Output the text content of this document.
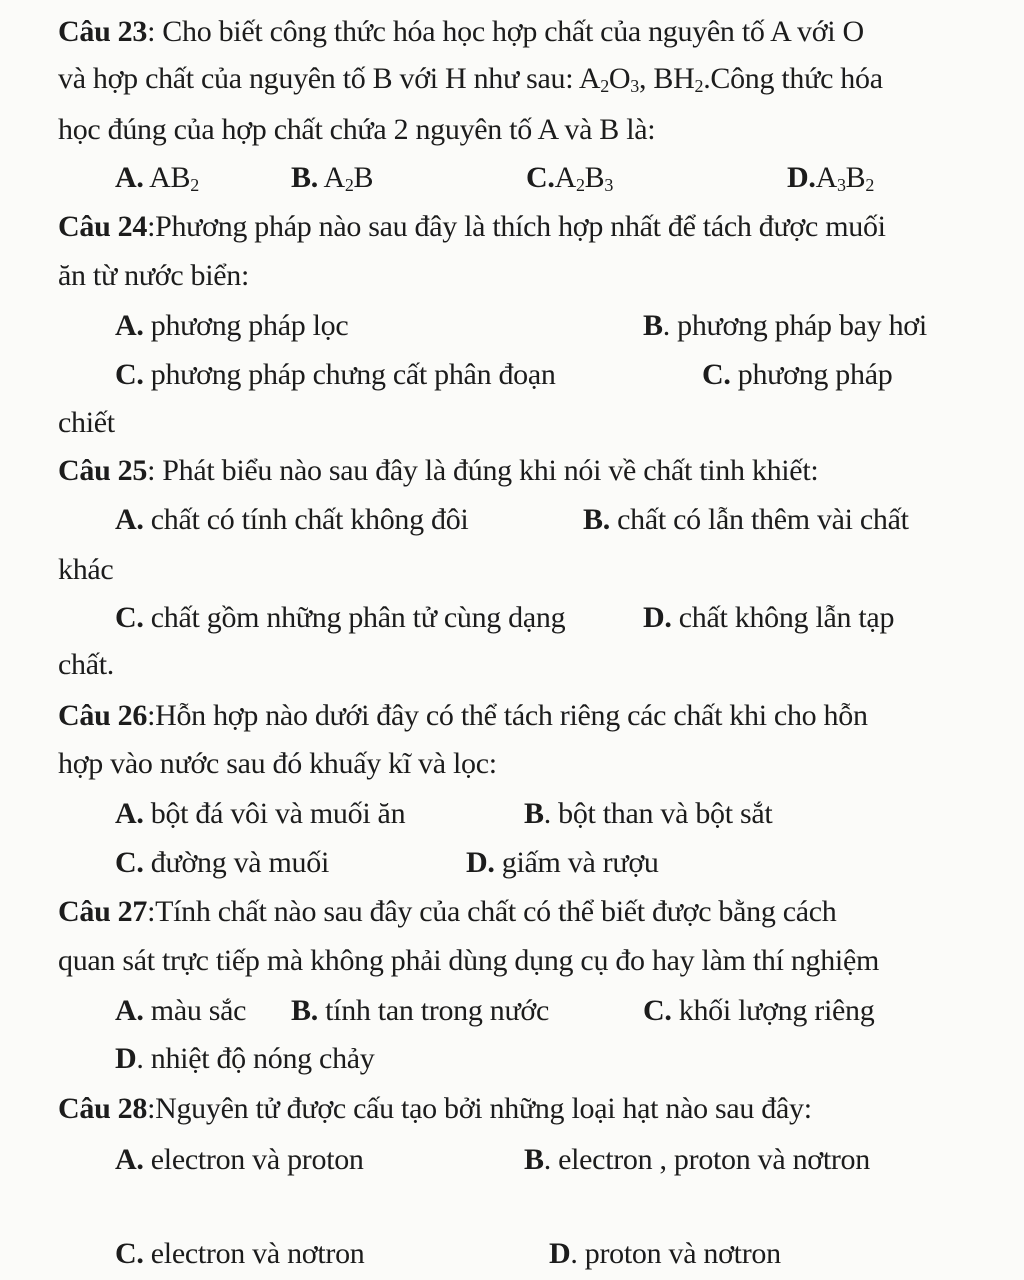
Câu 23: Cho biết công thức hóa học hợp chất của nguyên tố A với O
và hợp chất của nguyên tố B với H như sau: $A_2O_3$, $BH_2.Công$ thức hóa
học đúng của hợp chất chứa 2 nguyên tố A và B là:
A. $AB_2$	B. $A_2B$	$C.A_2B_3$	$D.A_3B_2$
Câu 24:Phương pháp nào sau đây là thích hợp nhất để tách được muối
ăn từ nước biển:
A. phương pháp lọc	B. phương pháp bay hơi
C. phương pháp chưng cất phân đoạn	C. phương pháp
chiết
Câu 25: Phát biểu nào sau đây là đúng khi nói về chất tinh khiết:
A. chất có tính chất không đôi	B. chất có lẫn thêm vài chất
khác
C. chất gồm những phân tử cùng dạng	D. chất không lẫn tạp
chất.
Câu 26:Hỗn hợp nào dưới đây có thể tách riêng các chất khi cho hỗn
hợp vào nước sau đó khuấy kĩ và lọc:
A. bột đá vôi và muối ăn	B. bột than và bột sắt
C. đường và muối	D. giấm và rượu
Câu 27:Tính chất nào sau đây của chất có thể biết được bằng cách
quan sát trực tiếp mà không phải dùng dụng cụ đo hay làm thí nghiệm
A. màu sắc B. tính tan trong nước	C. khối lượng riêng
D. nhiệt độ nóng chảy
Câu 28:Nguyên tử được cấu tạo bởi những loại hạt nào sau đây:
A. electron và proton	B. electron , proton và nơtron
C. electron và nơtron	D. proton và nơtron
